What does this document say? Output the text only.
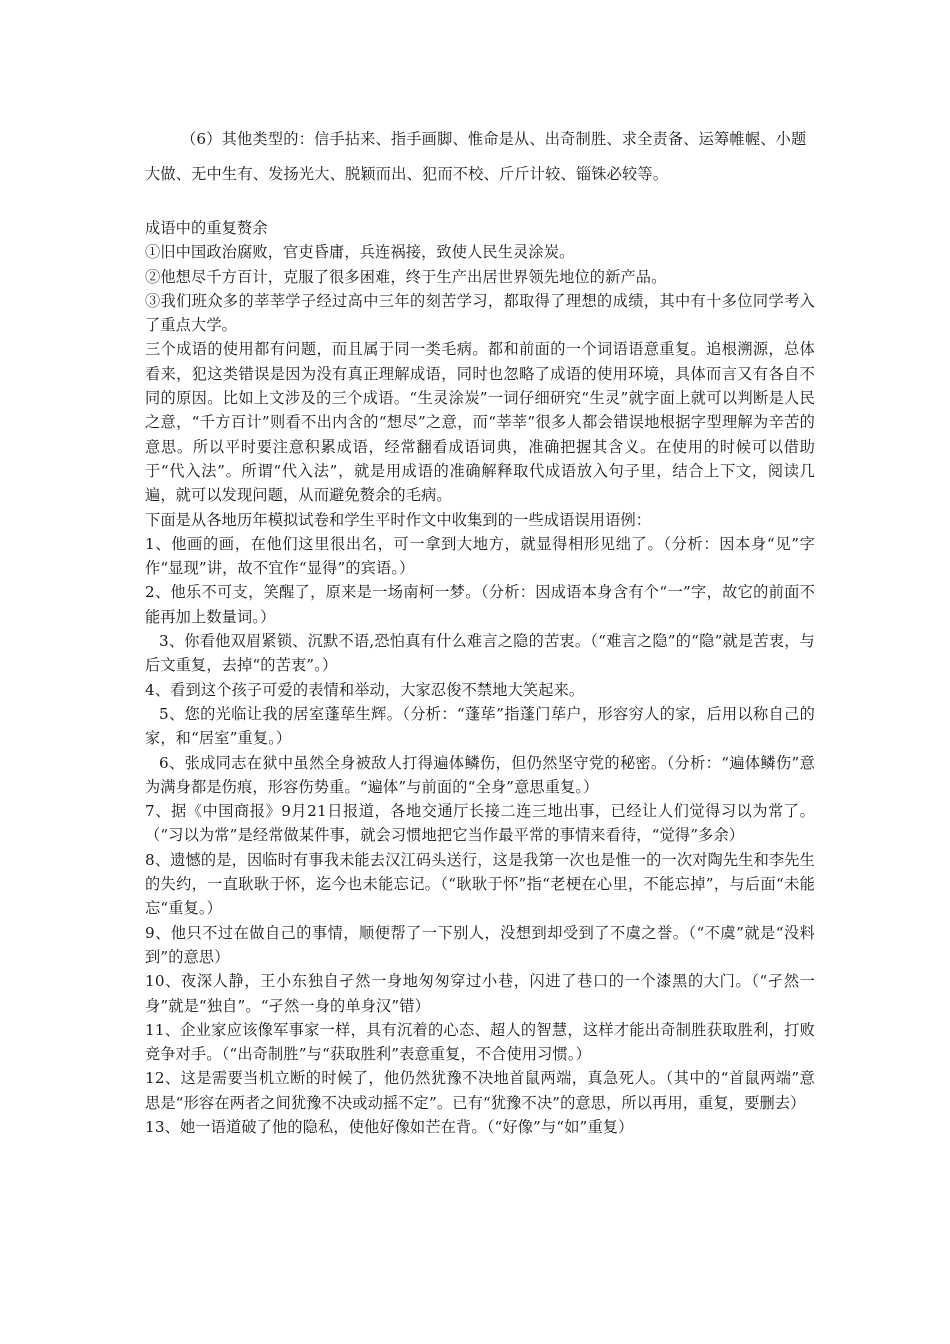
（6）其他类型的：信手拈来、指手画脚、惟命是从、出奇制胜、求全责备、运筹帷幄、小题大做、无中生有、发扬光大、脱颖而出、犯而不校、斤斤计较、锱铢必较等。

成语中的重复赘余

①旧中国政治腐败，官吏昏庸，兵连祸接，致使人民生灵涂炭。

②他想尽千方百计，克服了很多困难，终于生产出居世界领先地位的新产品。

③我们班众多的莘莘学子经过高中三年的刻苦学习，都取得了理想的成绩，其中有十多位同学考入了重点大学。

三个成语的使用都有问题，而且属于同一类毛病。都和前面的一个词语语意重复。追根溯源，总体看来，犯这类错误是因为没有真正理解成语，同时也忽略了成语的使用环境，具体而言又有各自不同的原因。比如上文涉及的三个成语。“生灵涂炭”一词仔细研究“生灵”就字面上就可以判断是人民之意，“千方百计”则看不出内含的“想尽”之意，而“莘莘”很多人都会错误地根据字型理解为辛苦的意思。所以平时要注意积累成语，经常翻看成语词典，准确把握其含义。在使用的时候可以借助于“代入法”。所谓“代入法”，就是用成语的准确解释取代成语放入句子里，结合上下文，阅读几遍，就可以发现问题，从而避免赘余的毛病。

下面是从各地历年模拟试卷和学生平时作文中收集到的一些成语误用语例：

1、他画的画，在他们这里很出名，可一拿到大地方，就显得相形见绌了。（分析：因本身“见”字作“显现”讲，故不宜作“显得”的宾语。）

2、他乐不可支，笑醒了，原来是一场南柯一梦。（分析：因成语本身含有个“一”字，故它的前面不能再加上数量词。）

3、你看他双眉紧锁、沉默不语,恐怕真有什么难言之隐的苦衷。（“难言之隐”的“隐”就是苦衷，与后文重复，去掉“的苦衷”。）

4、看到这个孩子可爱的表情和举动，大家忍俊不禁地大笑起来。

5、您的光临让我的居室蓬荜生辉。（分析：“蓬荜”指蓬门荜户，形容穷人的家，后用以称自己的家，和“居室”重复。）

6、张成同志在狱中虽然全身被敌人打得遍体鳞伤，但仍然坚守党的秘密。（分析：“遍体鳞伤”意为满身都是伤痕，形容伤势重。“遍体”与前面的“全身”意思重复。）

7、据《中国商报》9月21日报道，各地交通厅长接二连三地出事，已经让人们觉得习以为常了。（“习以为常”是经常做某件事，就会习惯地把它当作最平常的事情来看待，“觉得”多余）

8、遗憾的是，因临时有事我未能去汉江码头送行，这是我第一次也是惟一的一次对陶先生和李先生的失约，一直耿耿于怀，迄今也未能忘记。（“耿耿于怀”指“老梗在心里，不能忘掉”，与后面“未能忘“重复。）

9、他只不过在做自己的事情，顺便帮了一下别人，没想到却受到了不虞之誉。（“不虞”就是“没料到”的意思）

10、夜深人静，王小东独自孑然一身地匆匆穿过小巷，闪进了巷口的一个漆黑的大门。（“孑然一身”就是“独自”。“孑然一身的单身汉”错）

11、企业家应该像军事家一样，具有沉着的心态、超人的智慧，这样才能出奇制胜获取胜利，打败竞争对手。（“出奇制胜”与“获取胜利”表意重复，不合使用习惯。）

12、这是需要当机立断的时候了，他仍然犹豫不决地首鼠两端，真急死人。（其中的“首鼠两端”意思是“形容在两者之间犹豫不决或动摇不定”。已有“犹豫不决”的意思，所以再用，重复，要删去）

13、她一语道破了他的隐私，使他好像如芒在背。（“好像”与“如”重复）
